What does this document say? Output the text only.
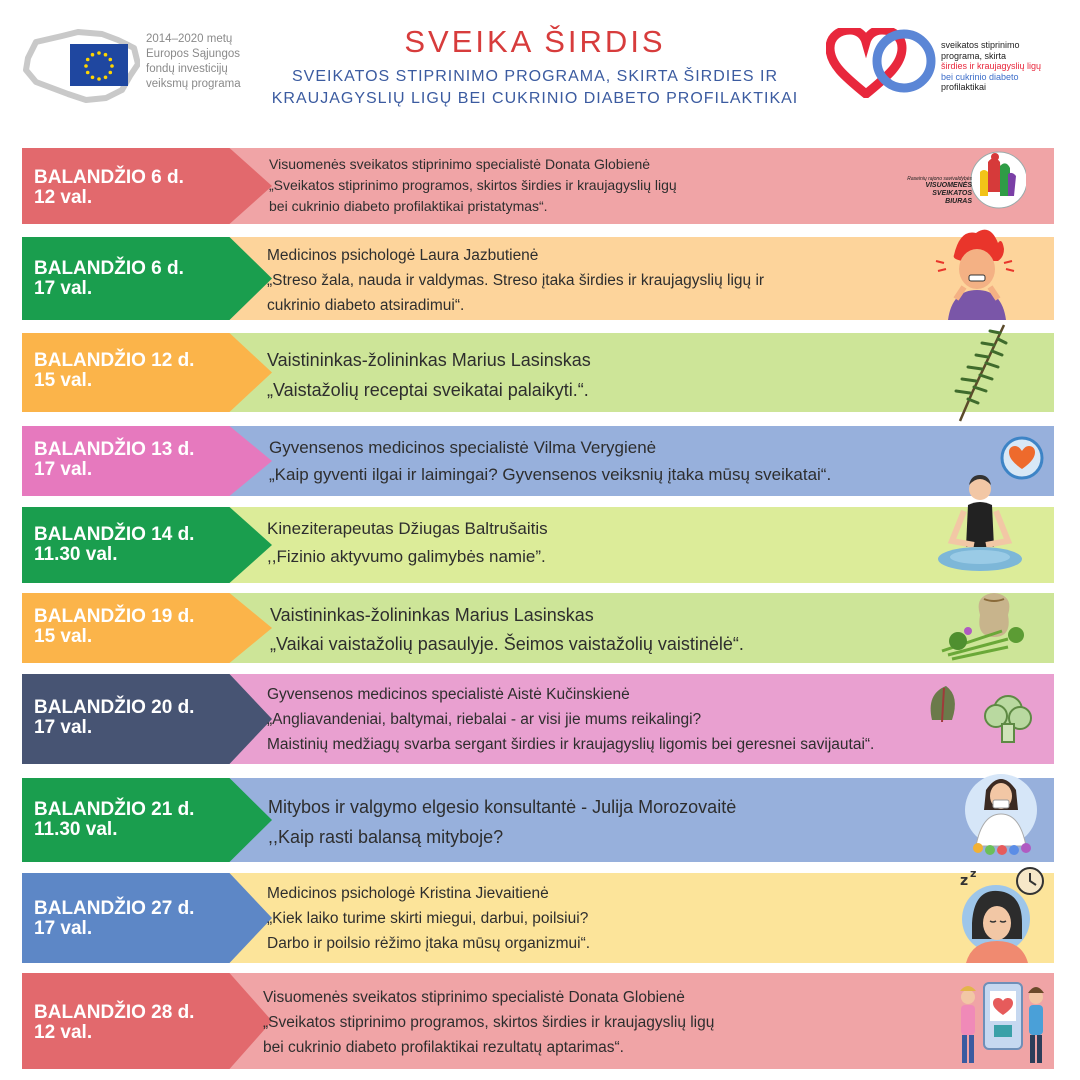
2014–2020 metų
Europos Sąjungos
fondų investicijų
veiksmų programa
SVEIKA ŠIRDIS
SVEIKATOS STIPRINIMO PROGRAMA, SKIRTA ŠIRDIES IR
KRAUJAGYSLIŲ LIGŲ BEI CUKRINIO DIABETO PROFILAKTIKAI
sveikatos stiprinimo
programa, skirta
širdies ir kraujagyslių ligų
bei cukrinio diabeto
profilaktikai
BALANDŽIO 6 d.
12 val.
Visuomenės sveikatos stiprinimo specialistė Donata Globienė
„Sveikatos stiprinimo programos, skirtos širdies ir kraujagyslių ligų
bei cukrinio diabeto profilaktikai pristatymas“.
Raseinių rajono savivaldybės
VISUOMENĖS
SVEIKATOS
BIURAS
BALANDŽIO 6 d.
17 val.
Medicinos psichologė Laura Jazbutienė
„Streso žala, nauda ir valdymas. Streso įtaka širdies ir kraujagyslių ligų ir
cukrinio diabeto atsiradimui“.
BALANDŽIO 12 d.
15 val.
Vaistininkas-žolininkas Marius Lasinskas
„Vaistažolių receptai sveikatai palaikyti.“.
BALANDŽIO 13 d.
17 val.
Gyvensenos medicinos specialistė Vilma Verygienė
„Kaip gyventi ilgai ir laimingai? Gyvensenos veiksnių įtaka mūsų sveikatai“.
BALANDŽIO 14 d.
11.30 val.
Kineziterapeutas Džiugas Baltrušaitis
,,Fizinio aktyvumo galimybės namie”.
BALANDŽIO 19 d.
15 val.
Vaistininkas-žolininkas Marius Lasinskas
„Vaikai vaistažolių pasaulyje. Šeimos vaistažolių vaistinėlė“.
BALANDŽIO 20 d.
17 val.
Gyvensenos medicinos specialistė Aistė Kučinskienė
„Angliavandeniai, baltymai, riebalai - ar visi jie mums reikalingi?
Maistinių medžiagų svarba sergant širdies ir kraujagyslių ligomis bei geresnei savijautai“.
BALANDŽIO 21 d.
11.30 val.
Mitybos ir valgymo elgesio konsultantė - Julija Morozovaitė
,,Kaip rasti balansą mityboje?
BALANDŽIO 27 d.
17 val.
Medicinos psichologė Kristina Jievaitienė
„Kiek laiko turime skirti miegui, darbui, poilsiui?
Darbo ir poilsio rėžimo įtaka mūsų organizmui“.
z z
BALANDŽIO 28 d.
12 val.
Visuomenės sveikatos stiprinimo specialistė Donata Globienė
„Sveikatos stiprinimo programos, skirtos širdies ir kraujagyslių ligų
bei cukrinio diabeto profilaktikai rezultatų aptarimas“.
